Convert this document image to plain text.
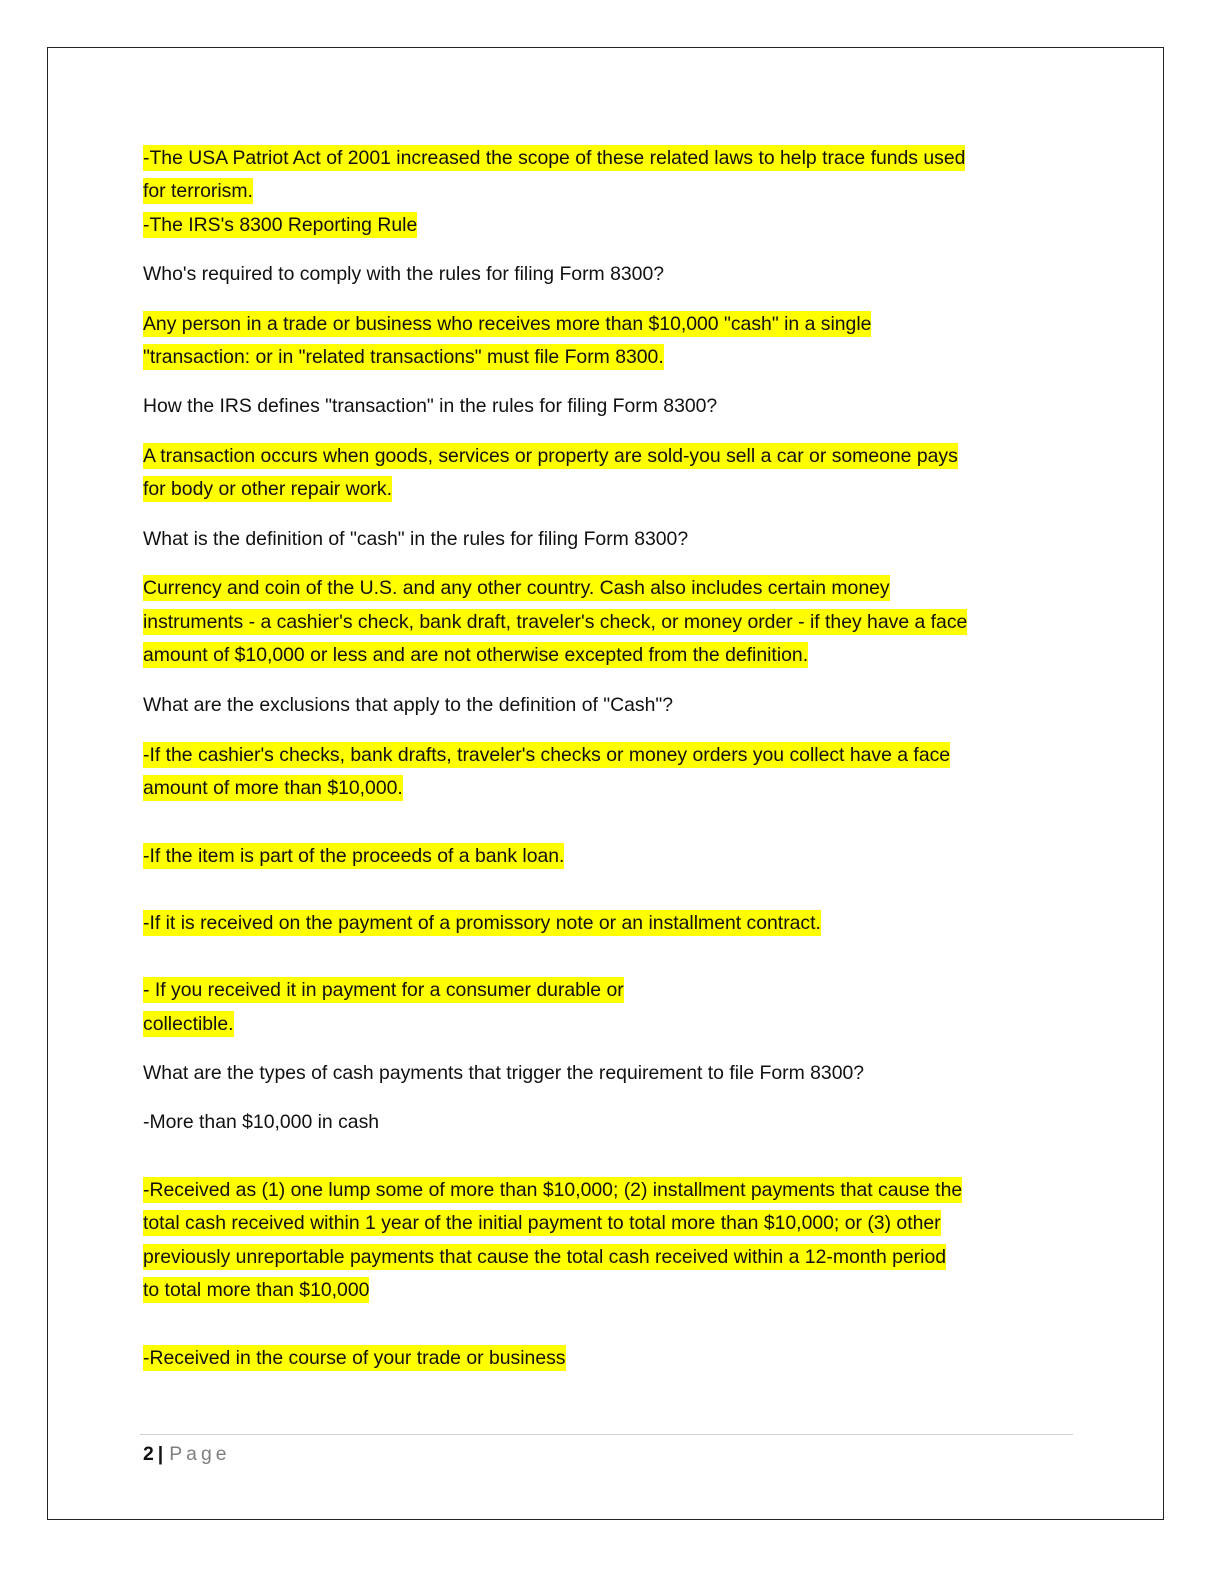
-The USA Patriot Act of 2001 increased the scope of these related laws to help trace funds used
for terrorism.
-The IRS's 8300 Reporting Rule
Who's required to comply with the rules for filing Form 8300?
Any person in a trade or business who receives more than $10,000 "cash" in a single
"transaction: or in "related transactions" must file Form 8300.
How the IRS defines "transaction" in the rules for filing Form 8300?
A transaction occurs when goods, services or property are sold-you sell a car or someone pays
for body or other repair work.
What is the definition of "cash" in the rules for filing Form 8300?
Currency and coin of the U.S. and any other country. Cash also includes certain money
instruments - a cashier's check, bank draft, traveler's check, or money order - if they have a face
amount of $10,000 or less and are not otherwise excepted from the definition.
What are the exclusions that apply to the definition of "Cash"?
-If the cashier's checks, bank drafts, traveler's checks or money orders you collect have a face
amount of more than $10,000.
-If the item is part of the proceeds of a bank loan.
-If it is received on the payment of a promissory note or an installment contract.
- If you received it in payment for a consumer durable or
collectible.
What are the types of cash payments that trigger the requirement to file Form 8300?
-More than $10,000 in cash
-Received as (1) one lump some of more than $10,000; (2) installment payments that cause the
total cash received within 1 year of the initial payment to total more than $10,000; or (3) other
previously unreportable payments that cause the total cash received within a 12-month period
to total more than $10,000
-Received in the course of your trade or business
2 | Page
